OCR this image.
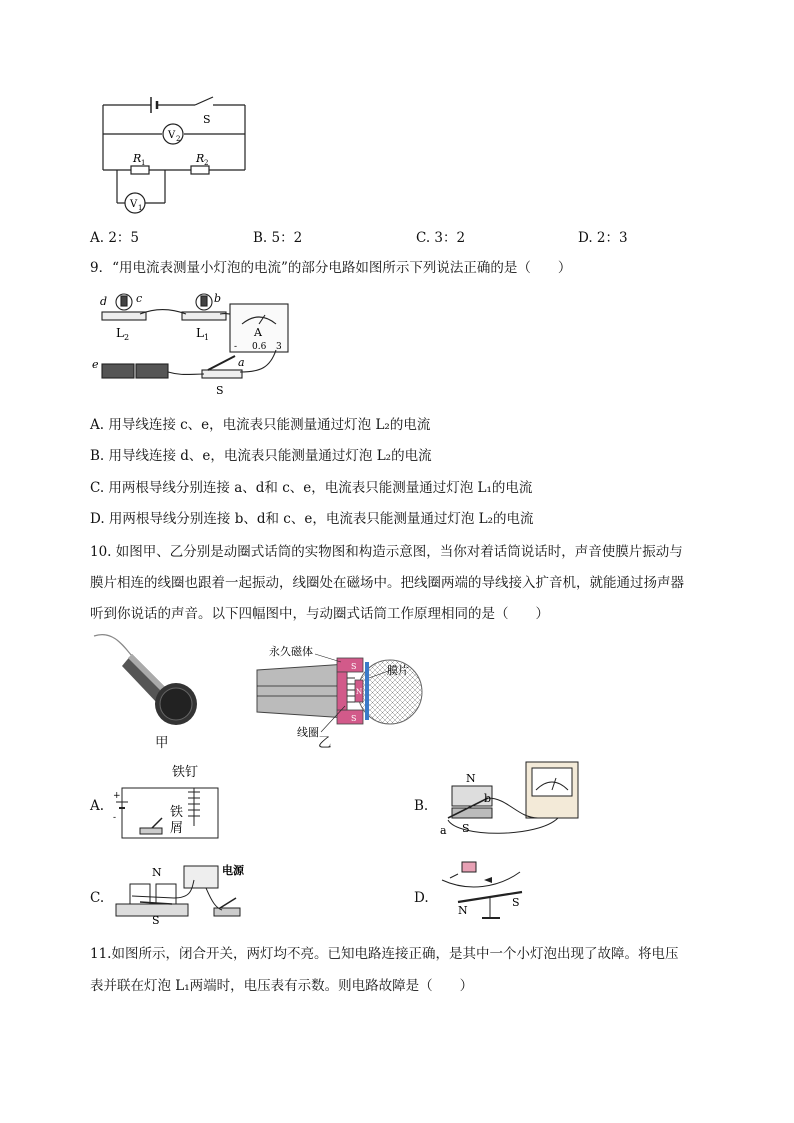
S
V 2
R 1	R 2
V 1
A. 2：5	B. 5：2	C. 3：2	D. 2：3
9．“用电流表测量小灯泡的电流”的部分电路如图所示下列说法正确的是（　　）
d	c	b
L 2	L 1	A
- 0.6 3
e	a
S
A. 用导线连接 c、e，电流表只能测量通过灯泡 L₂的电流
B. 用导线连接 d、e，电流表只能测量通过灯泡 L₂的电流
C. 用两根导线分别连接 a、d和 c、e，电流表只能测量通过灯泡 L₁的电流
D. 用两根导线分别连接 b、d和 c、e，电流表只能测量通过灯泡 L₂的电流
10. 如图甲、乙分别是动圈式话筒的实物图和构造示意图，当你对着话筒说话时，声音使膜片振动与
膜片相连的线圈也跟着一起振动，线圈处在磁场中。把线圈两端的导线接入扩音机，就能通过扬声器
听到你说话的声音。以下四幅图中，与动圈式话筒工作原理相同的是（　　）
甲
永久磁体
膜片
线圈
S
S
N
乙
A.
铁钉
铁
屑
+
-
B.
N
b
a S
C.
N
S
电源
D.
N
S
11.如图所示，闭合开关，两灯均不亮。已知电路连接正确，是其中一个小灯泡出现了故障。将电压
表并联在灯泡 L₁两端时，电压表有示数。则电路故障是（　　）
